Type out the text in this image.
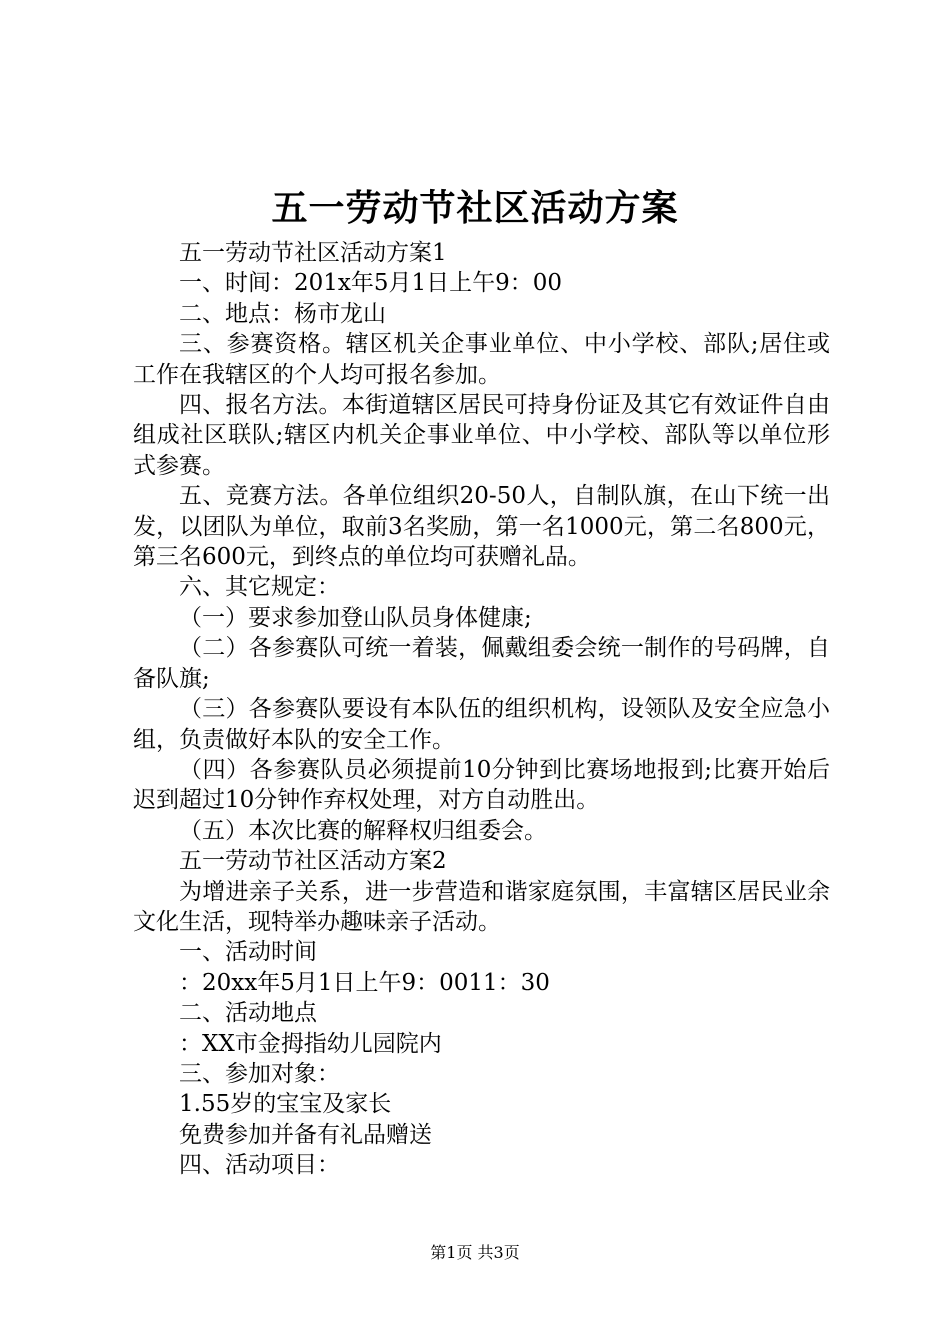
五一劳动节社区活动方案

五一劳动节社区活动方案1

一、时间：201x年5月1日上午9：00

二、地点：杨市龙山

三、参赛资格。辖区机关企事业单位、中小学校、部队;居住或工作在我辖区的个人均可报名参加。

四、报名方法。本街道辖区居民可持身份证及其它有效证件自由组成社区联队;辖区内机关企事业单位、中小学校、部队等以单位形式参赛。

五、竞赛方法。各单位组织20-50人，自制队旗，在山下统一出发，以团队为单位，取前3名奖励，第一名1000元，第二名800元，第三名600元，到终点的单位均可获赠礼品。

六、其它规定：

（一）要求参加登山队员身体健康;

（二）各参赛队可统一着装，佩戴组委会统一制作的号码牌，自备队旗;

（三）各参赛队要设有本队伍的组织机构，设领队及安全应急小组，负责做好本队的安全工作。

（四）各参赛队员必须提前10分钟到比赛场地报到;比赛开始后迟到超过10分钟作弃权处理，对方自动胜出。

（五）本次比赛的解释权归组委会。

五一劳动节社区活动方案2

为增进亲子关系，进一步营造和谐家庭氛围，丰富辖区居民业余文化生活，现特举办趣味亲子活动。

一、活动时间

：20xx年5月1日上午9：0011：30

二、活动地点

：XX市金拇指幼儿园院内

三、参加对象：

1.55岁的宝宝及家长

免费参加并备有礼品赠送

四、活动项目：

第1页 共3页
